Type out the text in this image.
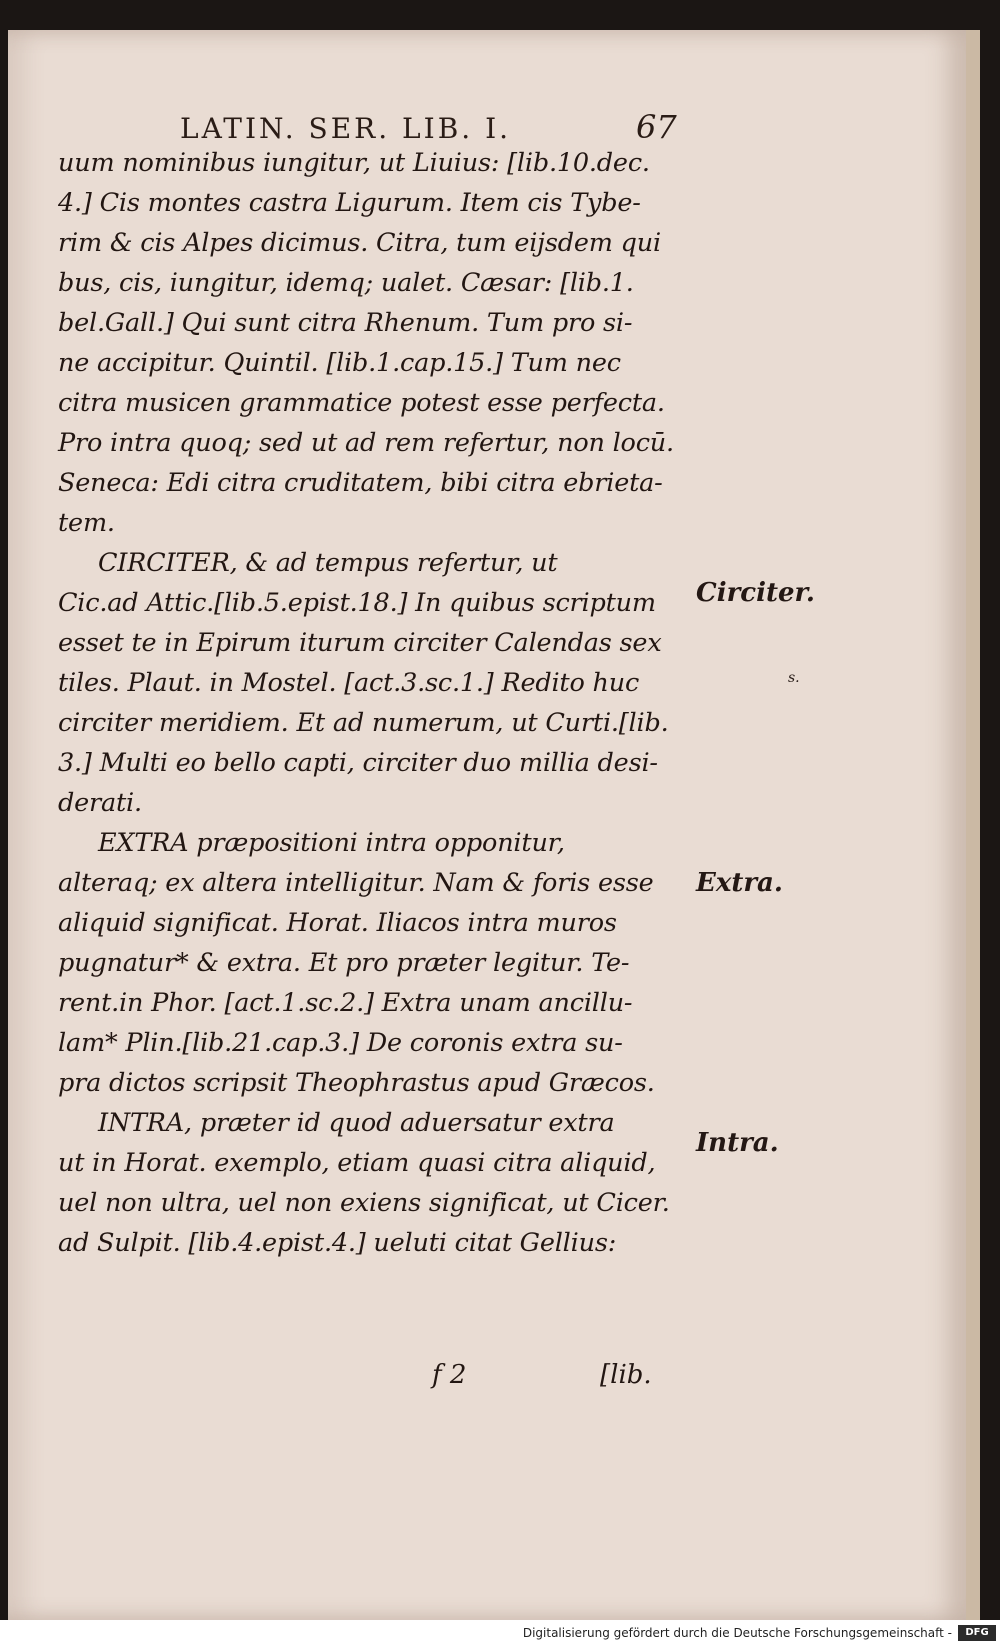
LATIN. SER. LIB. I.	67
uum nominibus iungitur, ut Liuius: [lib.10.dec.
4.] Cis montes castra Ligurum. Item cis Tybe-
rim & cis Alpes dicimus. Citra, tum eijsdem qui
bus, cis, iungitur, idemq; ualet. Cæsar: [lib.1.
bel.Gall.] Qui sunt citra Rhenum. Tum pro si-
ne accipitur. Quintil. [lib.1.cap.15.] Tum nec
citra musicen grammatice potest esse perfecta.
Pro intra quoq; sed ut ad rem refertur, non locū.
Seneca: Edi citra cruditatem, bibi citra ebrieta-
tem.
CIRCITER, & ad tempus refertur, ut
Cic.ad Attic.[lib.5.epist.18.] In quibus scriptum
esset te in Epirum iturum circiter Calendas sex
tiles. Plaut. in Mostel. [act.3.sc.1.] Redito huc
circiter meridiem. Et ad numerum, ut Curti.[lib.
3.] Multi eo bello capti, circiter duo millia desi-
derati.
EXTRA præpositioni intra opponitur,
alteraq; ex altera intelligitur. Nam & foris esse
aliquid significat. Horat. Iliacos intra muros
pugnatur* & extra. Et pro præter legitur. Te-
rent.in Phor. [act.1.sc.2.] Extra unam ancillu-
lam* Plin.[lib.21.cap.3.] De coronis extra su-
pra dictos scripsit Theophrastus apud Græcos.
INTRA, præter id quod aduersatur extra
ut in Horat. exemplo, etiam quasi citra aliquid,
uel non ultra, uel non exiens significat, ut Cicer.
ad Sulpit. [lib.4.epist.4.] ueluti citat Gellius:
Circiter.
s.
Extra.
Intra.
f 2	[lib.
Digitalisierung gefördert durch die Deutsche Forschungsgemeinschaft -	DFG
